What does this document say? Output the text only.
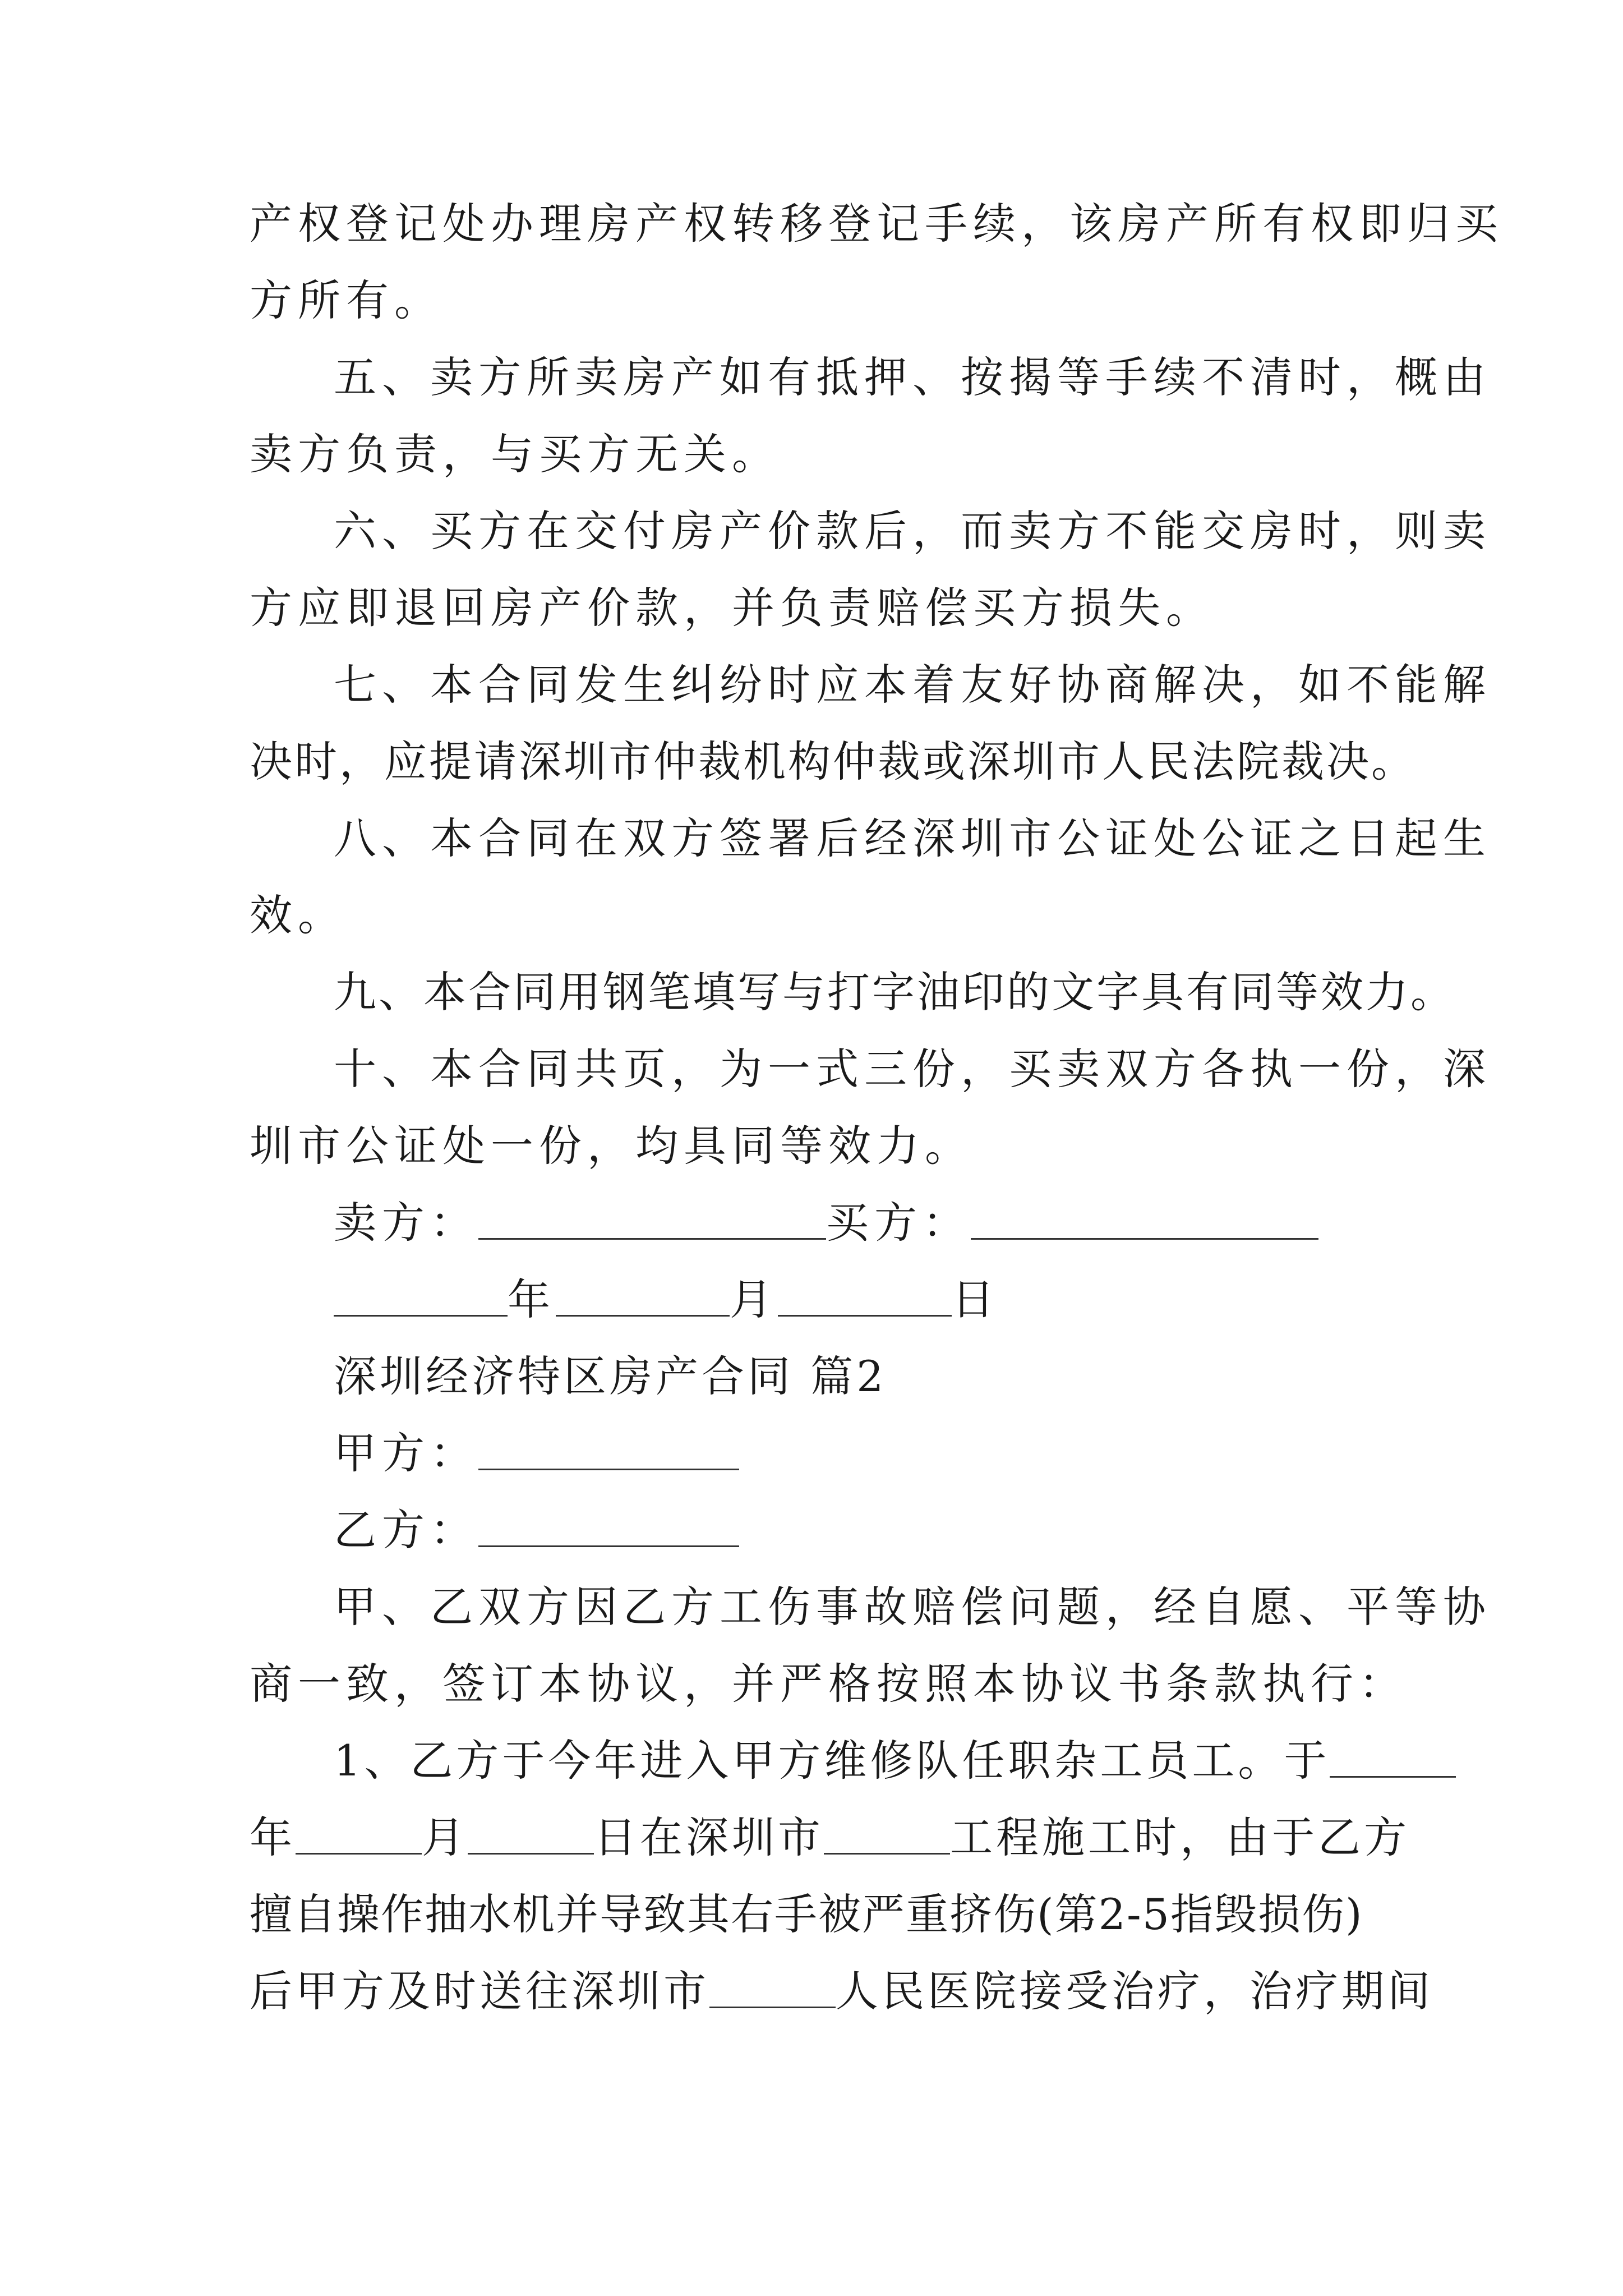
产权登记处办理房产权转移登记手续，该房产所有权即归买
方所有。
五、卖方所卖房产如有抵押、按揭等手续不清时，概由
卖方负责，与买方无关。
六、买方在交付房产价款后，而卖方不能交房时，则卖
方应即退回房产价款，并负责赔偿买方损失。
七、本合同发生纠纷时应本着友好协商解决，如不能解
决时，应提请深圳市仲裁机构仲裁或深圳市人民法院裁决。
八、本合同在双方签署后经深圳市公证处公证之日起生
效。
九、本合同用钢笔填写与打字油印的文字具有同等效力。
十、本合同共页，为一式三份，买卖双方各执一份，深
圳市公证处一份，均具同等效力。
卖方：	买方：
年	月	日
深圳经济特区房产合同 篇2
甲方：
乙方：
甲、乙双方因乙方工伤事故赔偿问题，经自愿、平等协
商一致，签订本协议，并严格按照本协议书条款执行：
1、乙方于今年进入甲方维修队任职杂工员工。于
年	月	日在深圳市	工程施工时，由于乙方
擅自操作抽水机并导致其右手被严重挤伤(第2-5指毁损伤)
后甲方及时送往深圳市	人民医院接受治疗，治疗期间
